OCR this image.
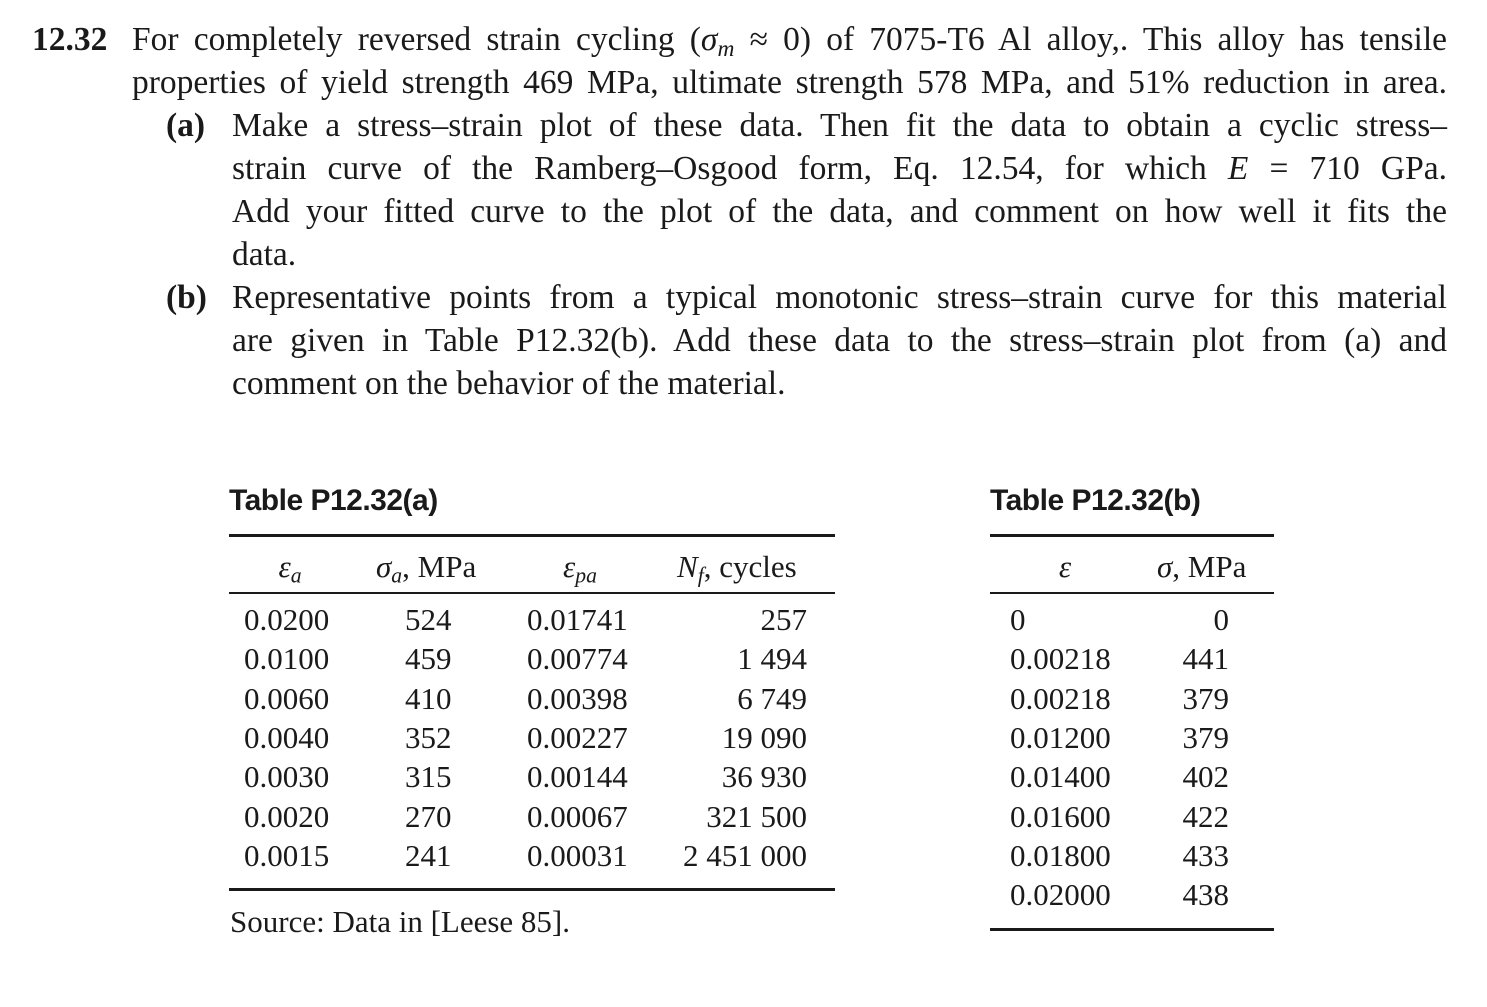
12.32 For completely reversed strain cycling $(\sigma_m \approx 0)$ of 7075-T6 Al alloy,. This alloy has tensile
properties of yield strength 469 MPa, ultimate strength 578 MPa, and 51% reduction in area.
(a) Make a stress–strain plot of these data. Then fit the data to obtain a cyclic stress–
strain curve of the Ramberg–Osgood form, Eq. 12.54, for which E = 710 GPa.
Add your fitted curve to the plot of the data, and comment on how well it fits the
data.
(b) Representative points from a typical monotonic stress–strain curve for this material
are given in Table P12.32(b). Add these data to the stress–strain plot from (a) and
comment on the behavior of the material.
Table P12.32(a)
$\varepsilon_a$	$\sigma_a$, MPa	$\varepsilon_{pa}$	$N_f$, cycles
0.0200	524	0.01741	257
0.0100	459	0.00774	1 494
0.0060	410	0.00398	6 749
0.0040	352	0.00227	19 090
0.0030	315	0.00144	36 930
0.0020	270	0.00067	321 500
0.0015	241	0.00031	2 451 000
Source: Data in [Leese 85].
Table P12.32(b)
ε	σ, MPa
0	0
0.00218	441
0.00218	379
0.01200	379
0.01400	402
0.01600	422
0.01800	433
0.02000	438
